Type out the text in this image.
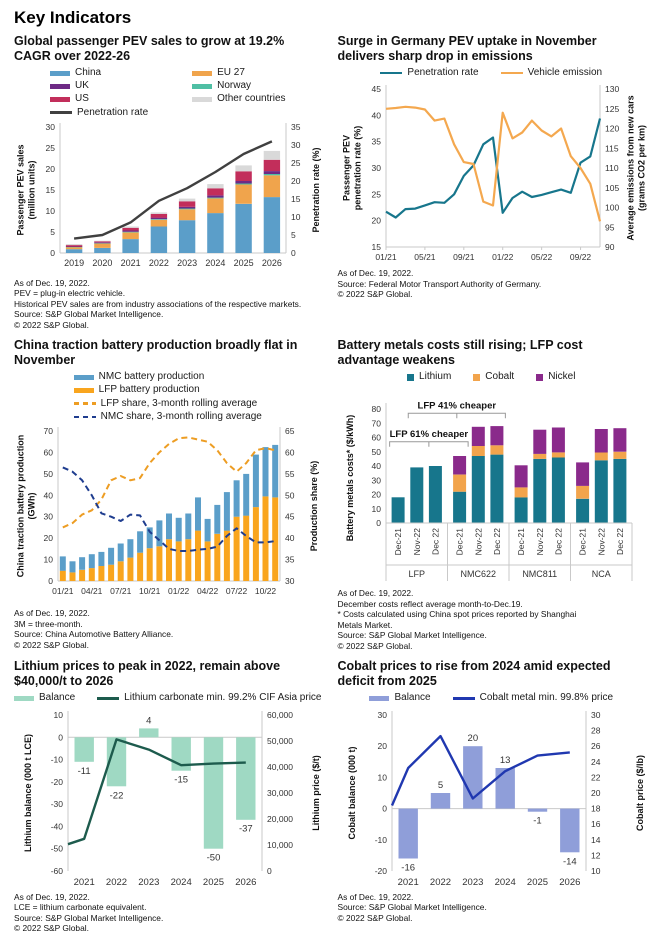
Key Indicators

Global passenger PEV sales to grow at 19.2% CAGR over 2022-26

China
UK
US
Penetration rate
EU 27
Norway
Other countries
0
5
10
15
20
25
30
0
5
10
15
20
25
30
35
Passenger PEV sales(million units)	Penetration rate (%)
2019 2020 2021 2022 2023 2024 2025 2026
As of Dec. 19, 2022.
PEV = plug-in electric vehicle.
Historical PEV sales are from industry associations of the respective markets.
Source: S&P Global Market Intelligence.
© 2022 S&P Global.

Surge in Germany PEV uptake in November delivers sharp drop in emissions

Penetration rate	Vehicle emission
15
20
25
30
35
40
45
90
95
100
105
110
115
120
125
130
Passenger PEVpenetration rate (%)	Average emissions from new cars(grams CO2 per km)
01/21 05/21 09/21 01/22 05/22 09/22
As of Dec. 19, 2022.
Source: Federal Motor Transport Authority of Germany.
© 2022 S&P Global.

China traction battery production broadly flat in November

NMC battery production
LFP battery production
LFP share, 3-month rolling average
NMC share, 3-month rolling average
0
10
20
30
40
50
60
70
30
35
40
45
50
55
60
65
China traction battery production(GWh)	Production share (%)
01/21 04/21 07/21 10/21 01/22 04/22 07/22 10/22
As of Dec. 19, 2022.
3M = three-month.
Source: China Automotive Battery Alliance.
© 2022 S&P Global.

Battery metals costs still rising; LFP cost advantage weakens

Lithium	Cobalt	Nickel
0
10
20
30
40
50
60
70
80
Battery metals costs* ($/kWh)
Dec-21 Nov-22 Dec 22 Dec-21 Nov-22 Dec 22 Dec-21 Nov-22 Dec 22 Dec-21 Nov-22 Dec 22
LFP	NMC622	NMC811	NCA
LFP 61% cheaper
LFP 41% cheaper
As of Dec. 19, 2022.
December costs reflect average month-to-Dec.19.
* Costs calculated using China spot prices reported by Shanghai
Metals Market.
Source: S&P Global Market Intelligence.
© 2022 S&P Global.

Lithium prices to peak in 2022, remain above $40,000/t to 2026

Balance	Lithium carbonate min. 99.2% CIF Asia price
-60
-50
-40
-30
-20
-10
0
10
0
10,000
20,000
30,000
40,000
50,000
60,000
Lithium balance (000 t LCE)	Lithium price ($/t)
-11
2021
-22
2022
4
2023
-15
2024
-50
2025
-37
2026
As of Dec. 19, 2022.
LCE = lithium carbonate equivalent.
Source: S&P Global Market Intelligence.
© 2022 S&P Global.

Cobalt prices to rise from 2024 amid expected deficit from 2025

Balance	Cobalt metal min. 99.8% price
-20
-10
0
10
20
30
10
12
14
16
18
20
22
24
26
28
30
Cobalt balance (000 t)	Cobalt price ($/lb)
-16
2021
5
2022
20
2023
13
2024
-1
2025
-14
2026
As of Dec. 19, 2022.
Source: S&P Global Market Intelligence.
© 2022 S&P Global.
